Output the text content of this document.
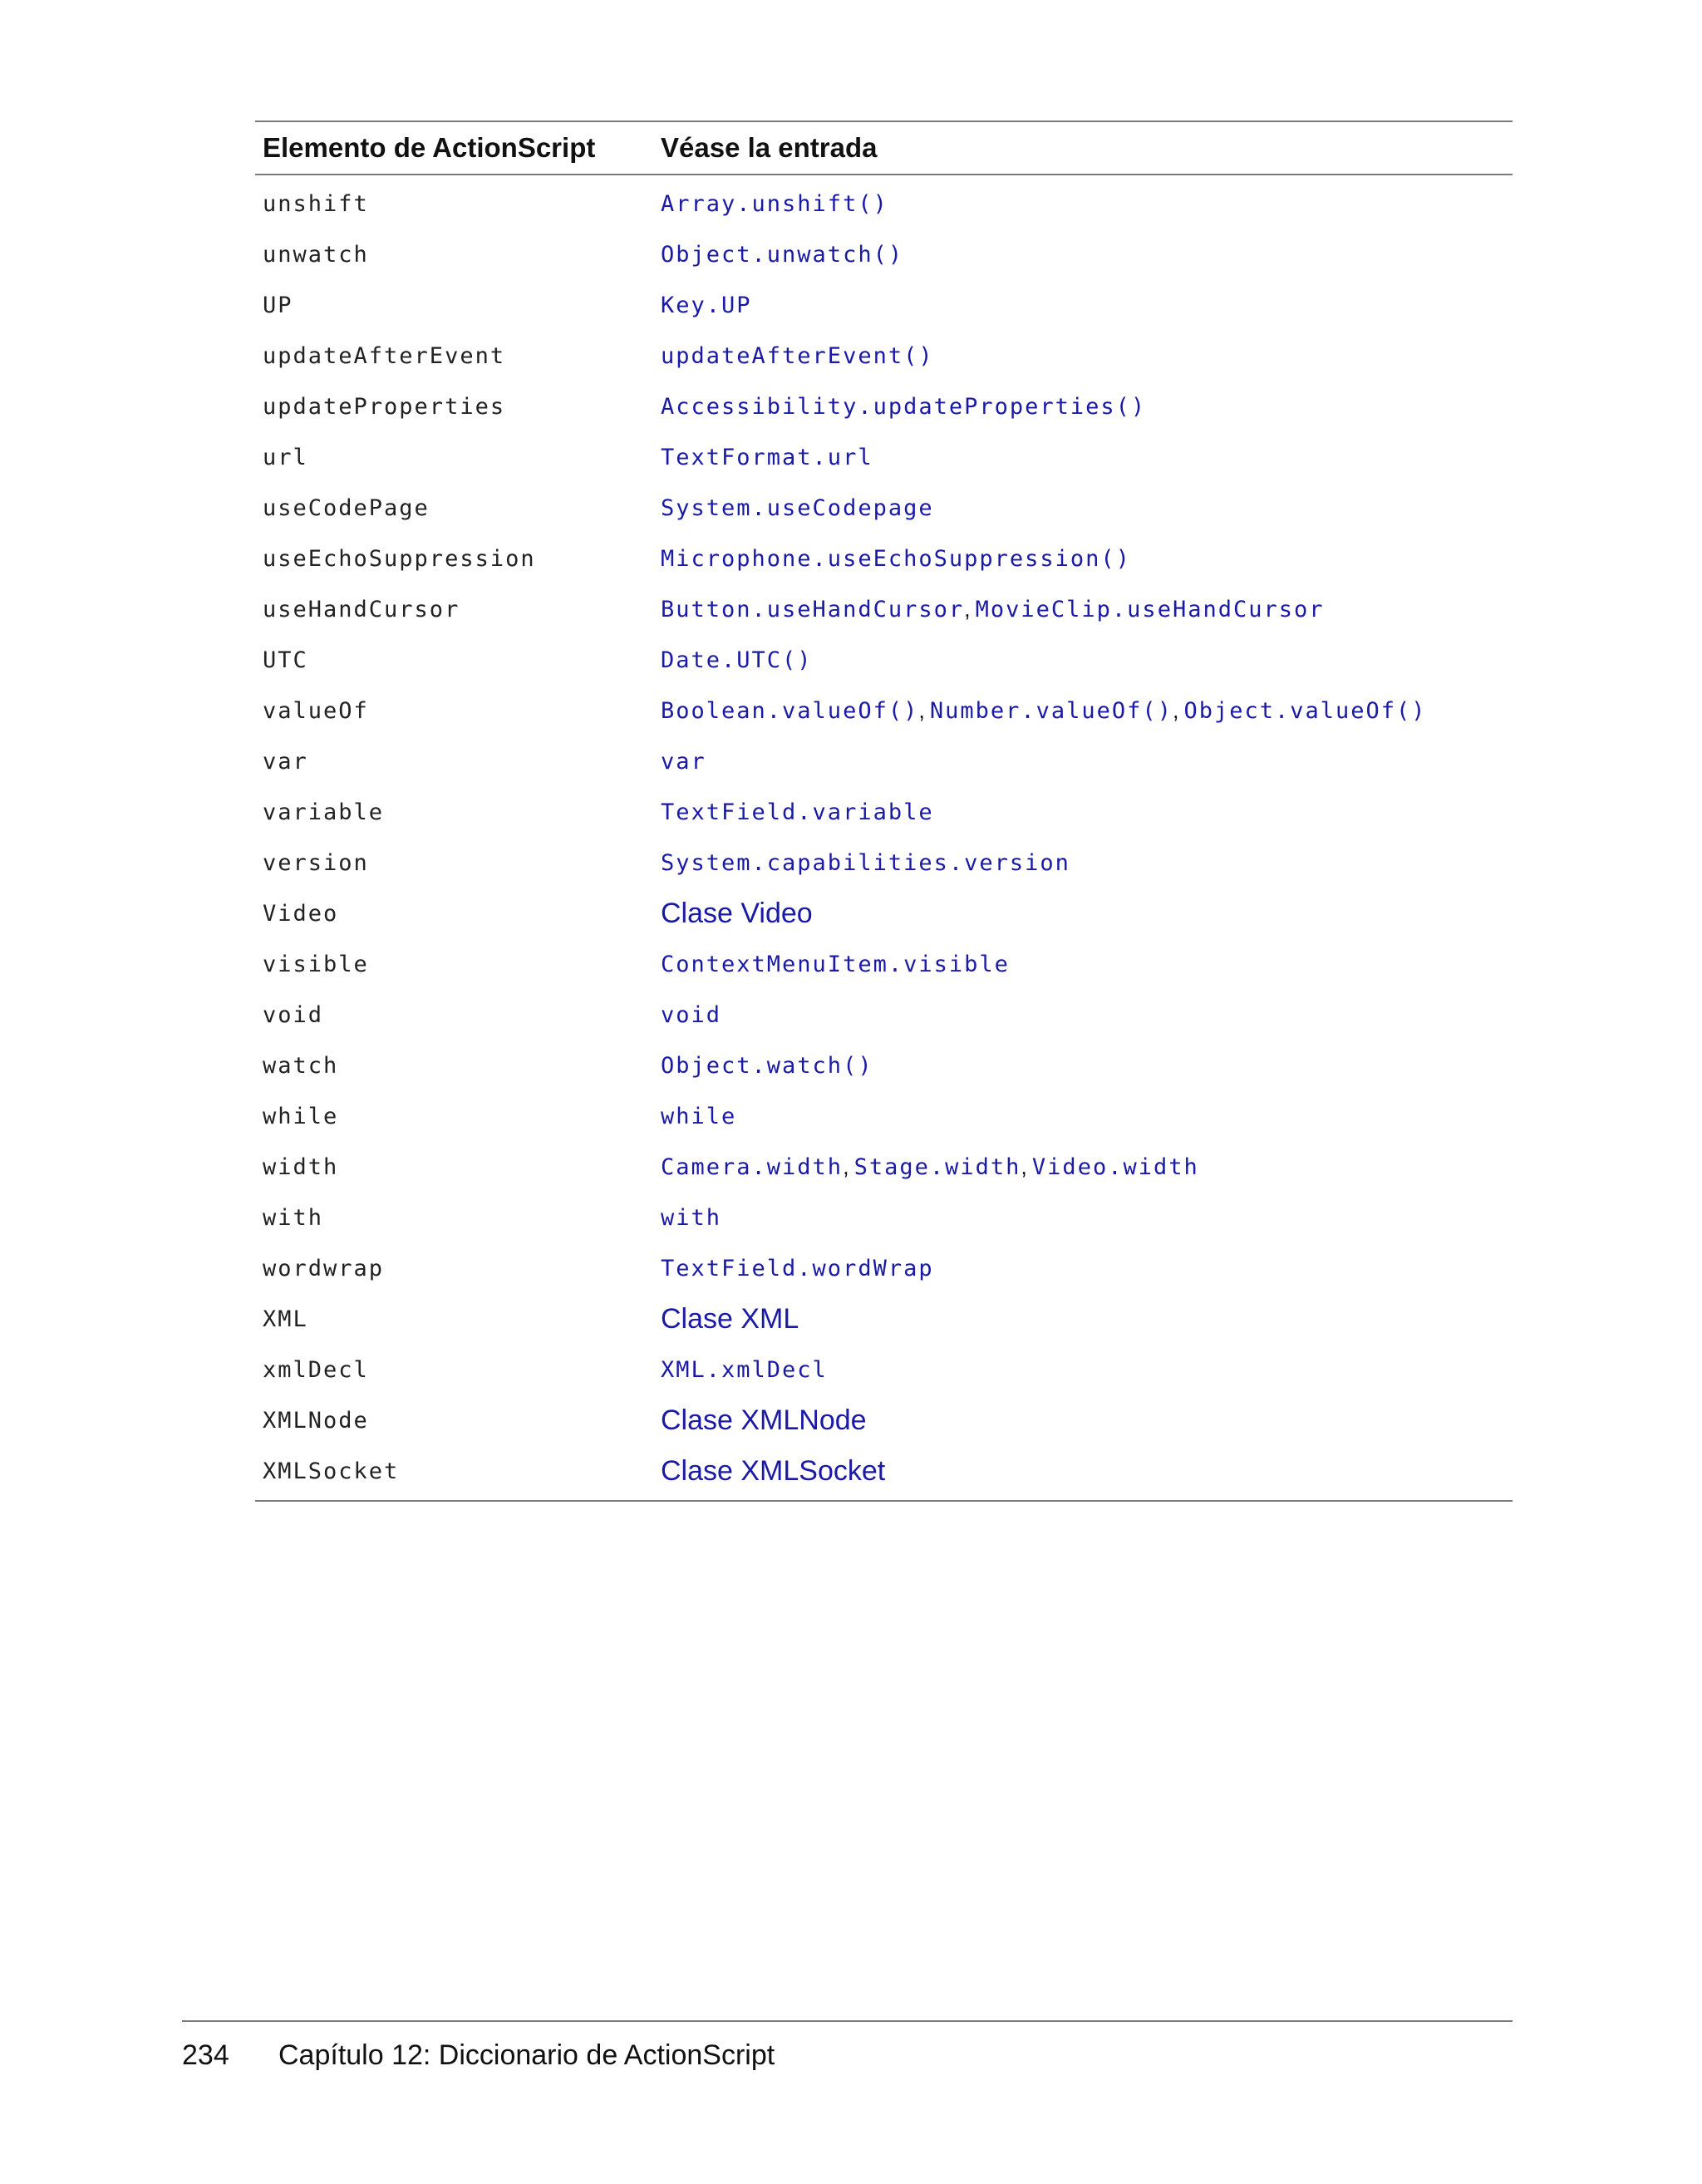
Elemento de ActionScript	Véase la entrada
unshift	Array.unshift()
unwatch	Object.unwatch()
UP	Key.UP
updateAfterEvent	updateAfterEvent()
updateProperties	Accessibility.updateProperties()
url	TextFormat.url
useCodePage	System.useCodepage
useEchoSuppression	Microphone.useEchoSuppression()
useHandCursor	Button.useHandCursor, MovieClip.useHandCursor
UTC	Date.UTC()
valueOf	Boolean.valueOf(), Number.valueOf(), Object.valueOf()
var	var
variable	TextField.variable
version	System.capabilities.version
Video	Clase Video
visible	ContextMenuItem.visible
void	void
watch	Object.watch()
while	while
width	Camera.width, Stage.width, Video.width
with	with
wordwrap	TextField.wordWrap
XML	Clase XML
xmlDecl	XML.xmlDecl
XMLNode	Clase XMLNode
XMLSocket	Clase XMLSocket
234 Capítulo 12: Diccionario de ActionScript
